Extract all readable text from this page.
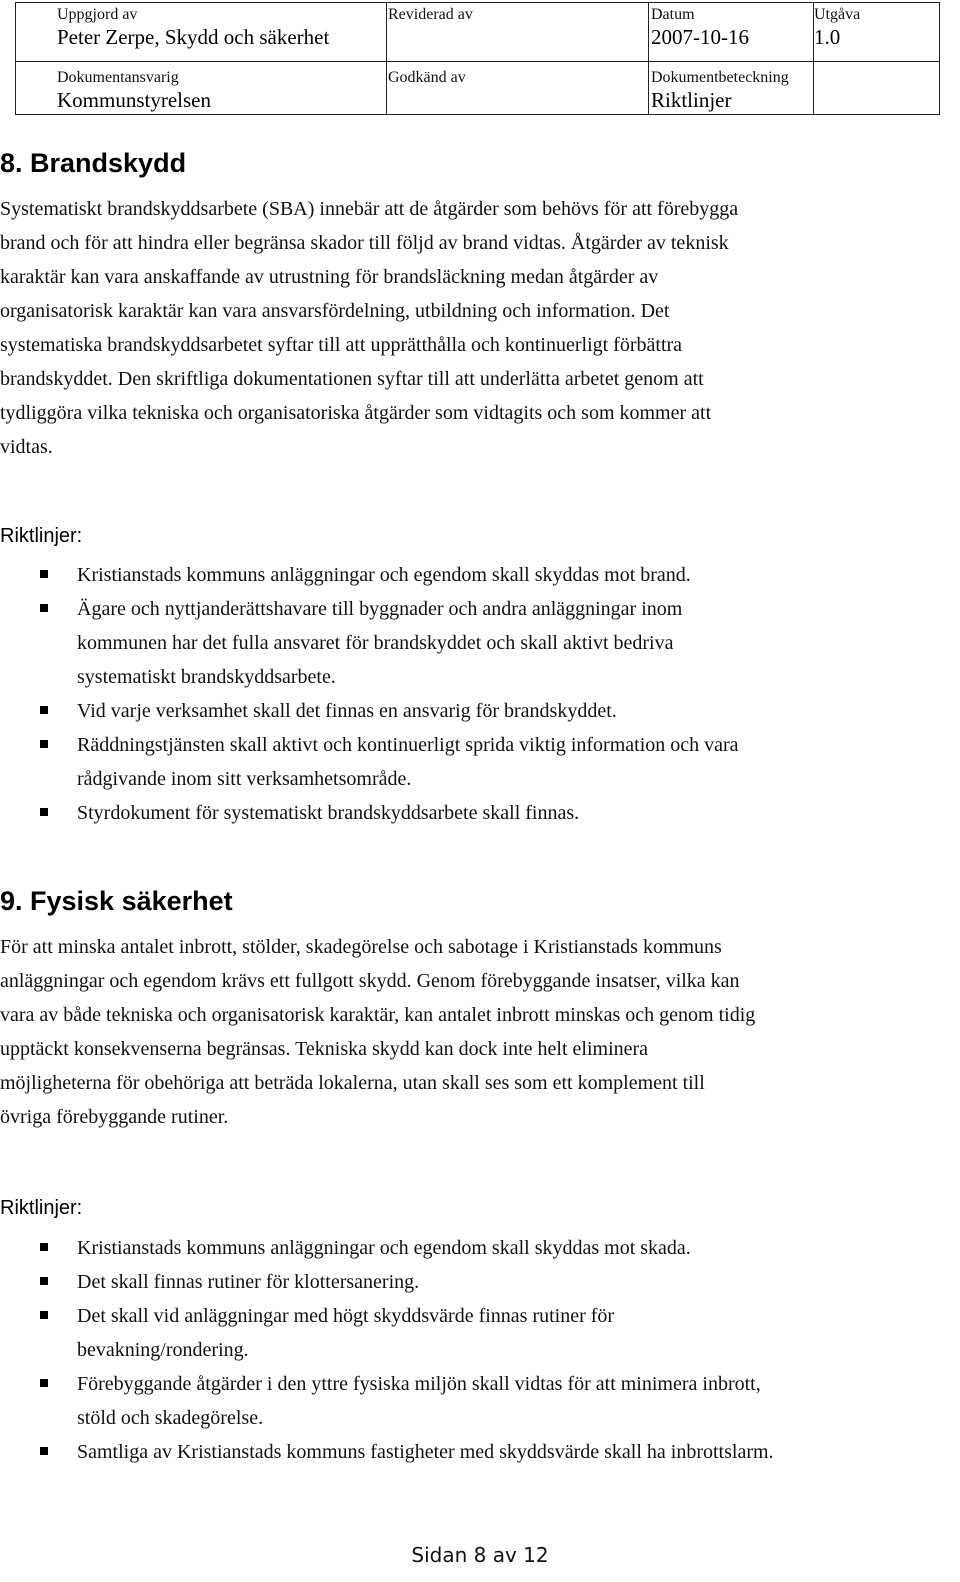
Uppgjord av
Peter Zerpe, Skydd och säkerhet
Reviderad av	Datum
2007-10-16
Utgåva
1.0
Dokumentansvarig
Kommunstyrelsen
Godkänd av	Dokumentbeteckning
Riktlinjer
8. Brandskydd
Systematiskt brandskyddsarbete (SBA) innebär att de åtgärder som behövs för att förebygga
brand och för att hindra eller begränsa skador till följd av brand vidtas. Åtgärder av teknisk
karaktär kan vara anskaffande av utrustning för brandsläckning medan åtgärder av
organisatorisk karaktär kan vara ansvarsfördelning, utbildning och information. Det
systematiska brandskyddsarbetet syftar till att upprätthålla och kontinuerligt förbättra
brandskyddet. Den skriftliga dokumentationen syftar till att underlätta arbetet genom att
tydliggöra vilka tekniska och organisatoriska åtgärder som vidtagits och som kommer att
vidtas.
Riktlinjer:
Kristianstads kommuns anläggningar och egendom skall skyddas mot brand.
Ägare och nyttjanderättshavare till byggnader och andra anläggningar inom
kommunen har det fulla ansvaret för brandskyddet och skall aktivt bedriva
systematiskt brandskyddsarbete.
Vid varje verksamhet skall det finnas en ansvarig för brandskyddet.
Räddningstjänsten skall aktivt och kontinuerligt sprida viktig information och vara
rådgivande inom sitt verksamhetsområde.
Styrdokument för systematiskt brandskyddsarbete skall finnas.
9. Fysisk säkerhet
För att minska antalet inbrott, stölder, skadegörelse och sabotage i Kristianstads kommuns
anläggningar och egendom krävs ett fullgott skydd. Genom förebyggande insatser, vilka kan
vara av både tekniska och organisatorisk karaktär, kan antalet inbrott minskas och genom tidig
upptäckt konsekvenserna begränsas. Tekniska skydd kan dock inte helt eliminera
möjligheterna för obehöriga att beträda lokalerna, utan skall ses som ett komplement till
övriga förebyggande rutiner.
Riktlinjer:
Kristianstads kommuns anläggningar och egendom skall skyddas mot skada.
Det skall finnas rutiner för klottersanering.
Det skall vid anläggningar med högt skyddsvärde finnas rutiner för
bevakning/rondering.
Förebyggande åtgärder i den yttre fysiska miljön skall vidtas för att minimera inbrott,
stöld och skadegörelse.
Samtliga av Kristianstads kommuns fastigheter med skyddsvärde skall ha inbrottslarm.
Sidan 8 av 12
